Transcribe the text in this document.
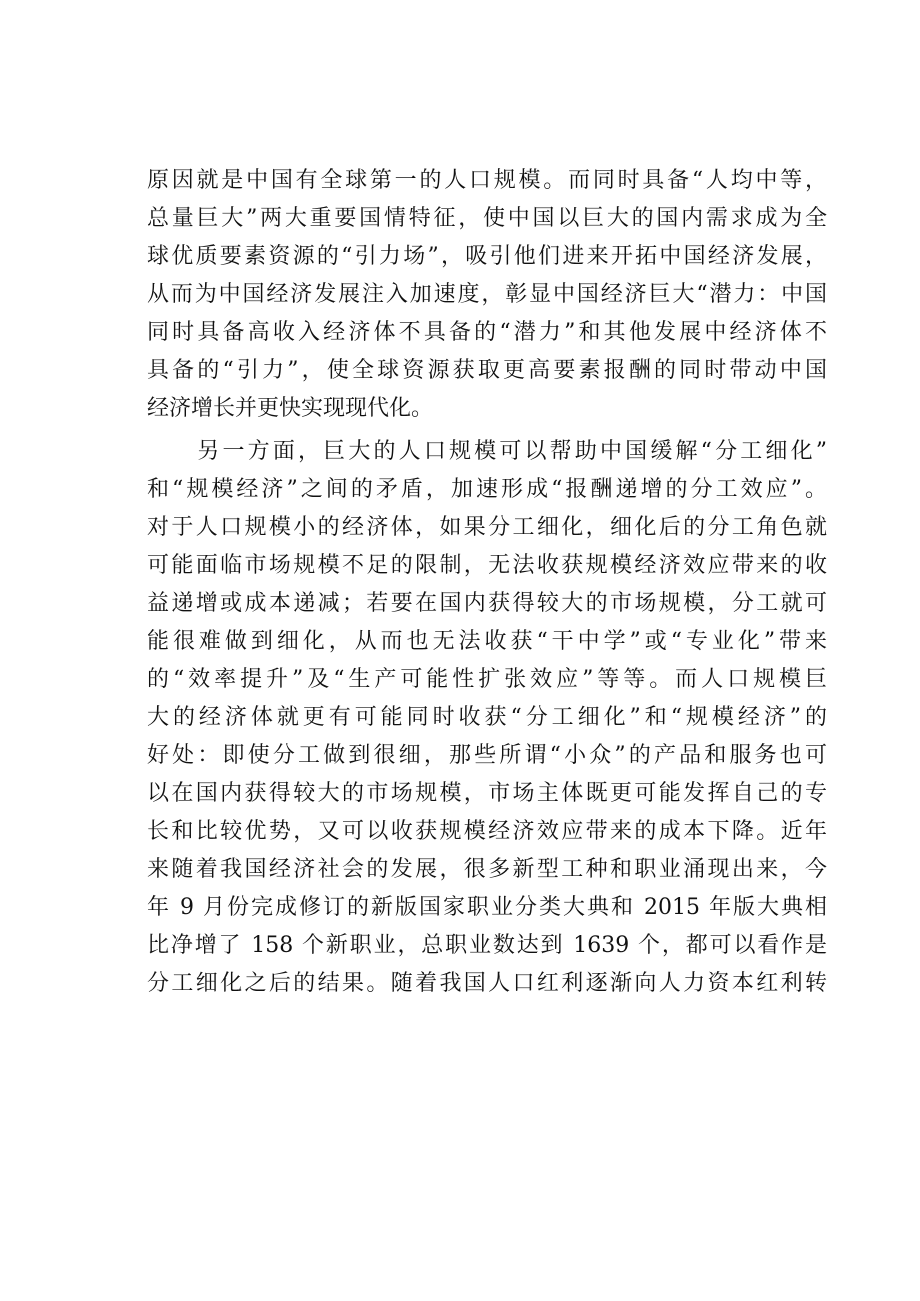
原因就是中国有全球第一的人口规模。而同时具备“人均中等，
总量巨大”两大重要国情特征，使中国以巨大的国内需求成为全
球优质要素资源的“引力场”，吸引他们进来开拓中国经济发展，
从而为中国经济发展注入加速度，彰显中国经济巨大“潜力：中国
同时具备高收入经济体不具备的“潜力”和其他发展中经济体不
具备的“引力”，使全球资源获取更高要素报酬的同时带动中国
经济增长并更快实现现代化。
　　另一方面，巨大的人口规模可以帮助中国缓解“分工细化”
和“规模经济”之间的矛盾，加速形成“报酬递增的分工效应”。
对于人口规模小的经济体，如果分工细化，细化后的分工角色就
可能面临市场规模不足的限制，无法收获规模经济效应带来的收
益递增或成本递减；若要在国内获得较大的市场规模，分工就可
能很难做到细化，从而也无法收获“干中学”或“专业化”带来
的“效率提升”及“生产可能性扩张效应”等等。而人口规模巨
大的经济体就更有可能同时收获“分工细化”和“规模经济”的
好处：即使分工做到很细，那些所谓“小众”的产品和服务也可
以在国内获得较大的市场规模，市场主体既更可能发挥自己的专
长和比较优势，又可以收获规模经济效应带来的成本下降。近年
来随着我国经济社会的发展，很多新型工种和职业涌现出来，今
年 9 月份完成修订的新版国家职业分类大典和 2015 年版大典相
比净增了 158 个新职业，总职业数达到 1639 个，都可以看作是
分工细化之后的结果。随着我国人口红利逐渐向人力资本红利转
